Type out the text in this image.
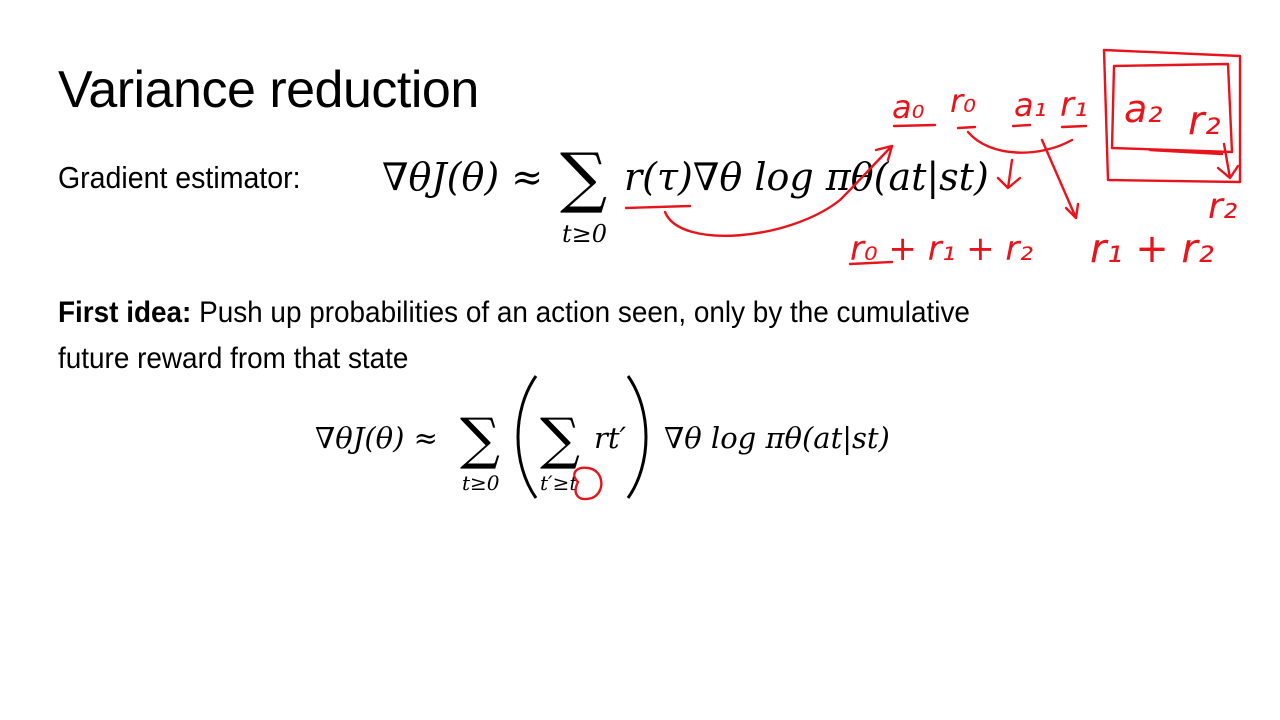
Variance reduction
Gradient estimator:
First idea: Push up probabilities of an action seen, only by the cumulative
future reward from that state
∇θJ(θ) ≈ ∑
t≥0
r(τ)∇θ log πθ(at|st)
∇θJ(θ) ≈ ∑
t≥0
∑
t′≥t
rt′ ∇θ log πθ(at|st)
a₀ r₀ a₁ r₁ a₂ r₂
r₂
r₀ + r₁ + r₂ r₁ + r₂
